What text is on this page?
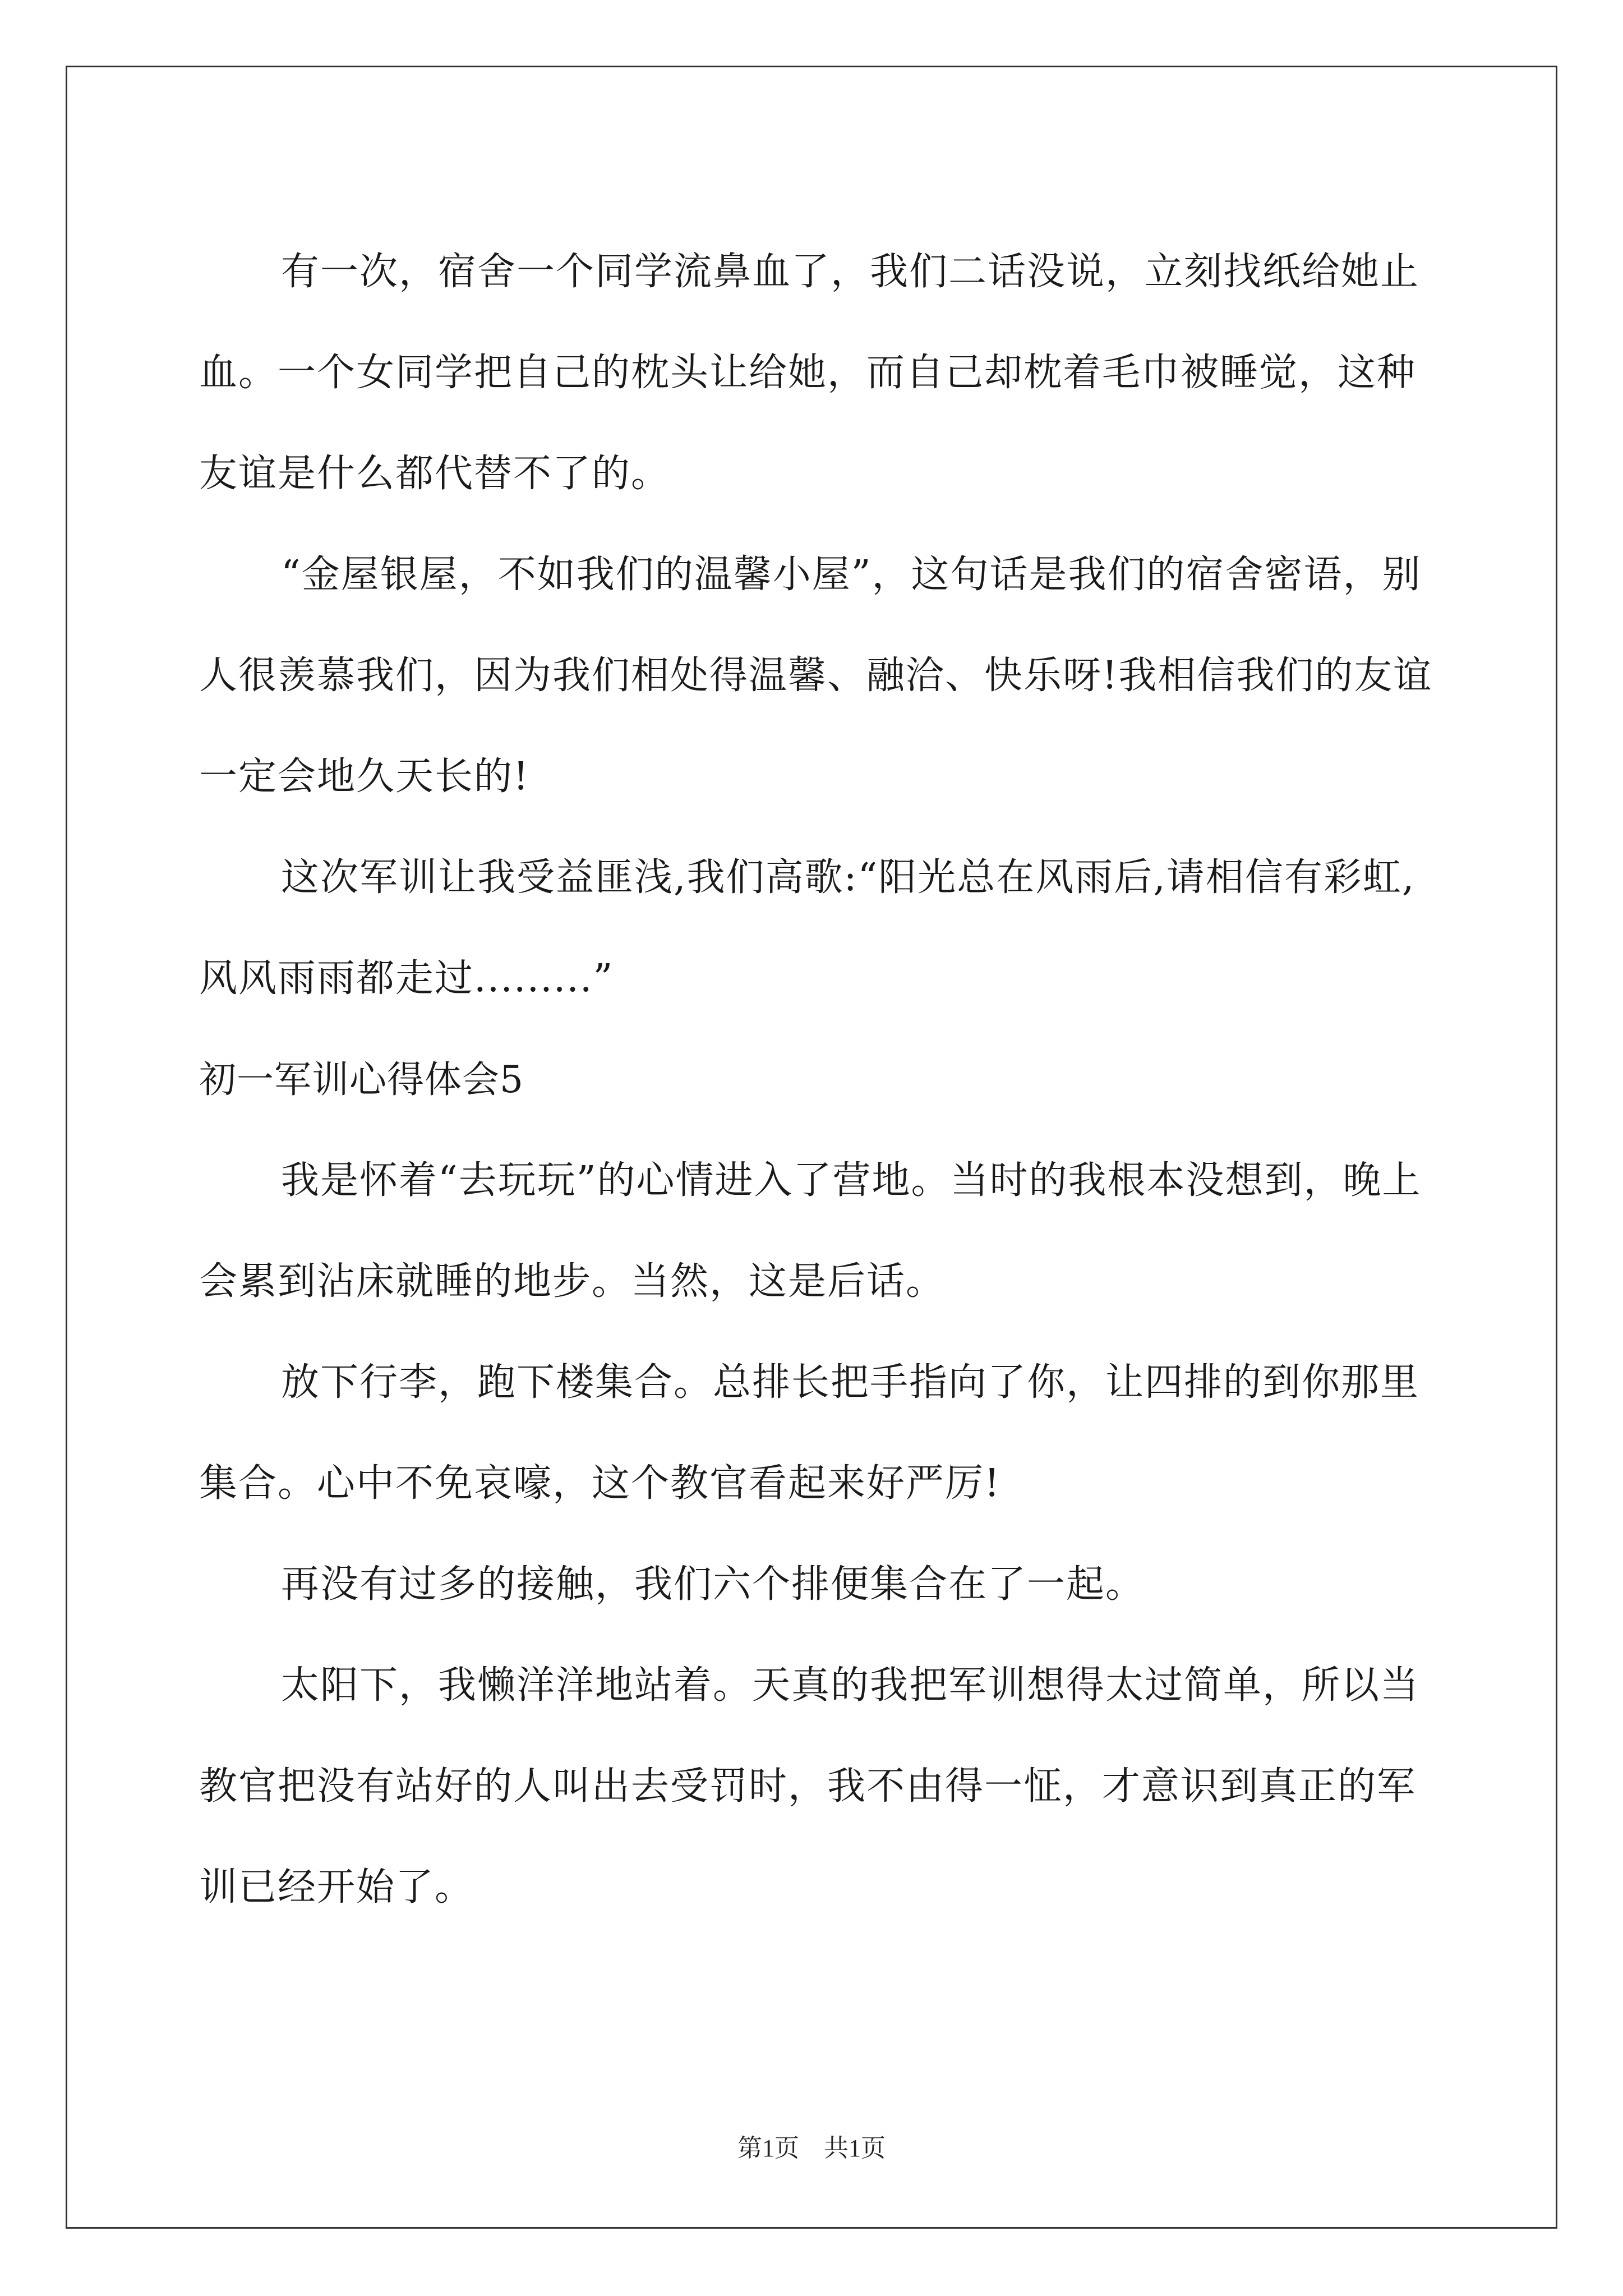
有一次，宿舍一个同学流鼻血了，我们二话没说，立刻找纸给她止血。一个女同学把自己的枕头让给她，而自己却枕着毛巾被睡觉，这种友谊是什么都代替不了的。

“金屋银屋，不如我们的温馨小屋”，这句话是我们的宿舍密语，别人很羡慕我们，因为我们相处得温馨、融洽、快乐呀!我相信我们的友谊一定会地久天长的!

这次军训让我受益匪浅,我们高歌:“阳光总在风雨后,请相信有彩虹,风风雨雨都走过.........”

初一军训心得体会5

我是怀着“去玩玩”的心情进入了营地。当时的我根本没想到，晚上会累到沾床就睡的地步。当然，这是后话。

放下行李，跑下楼集合。总排长把手指向了你，让四排的到你那里集合。心中不免哀嚎，这个教官看起来好严厉!

再没有过多的接触，我们六个排便集合在了一起。

太阳下，我懒洋洋地站着。天真的我把军训想得太过简单，所以当教官把没有站好的人叫出去受罚时，我不由得一怔，才意识到真正的军训已经开始了。

第1页　共1页
